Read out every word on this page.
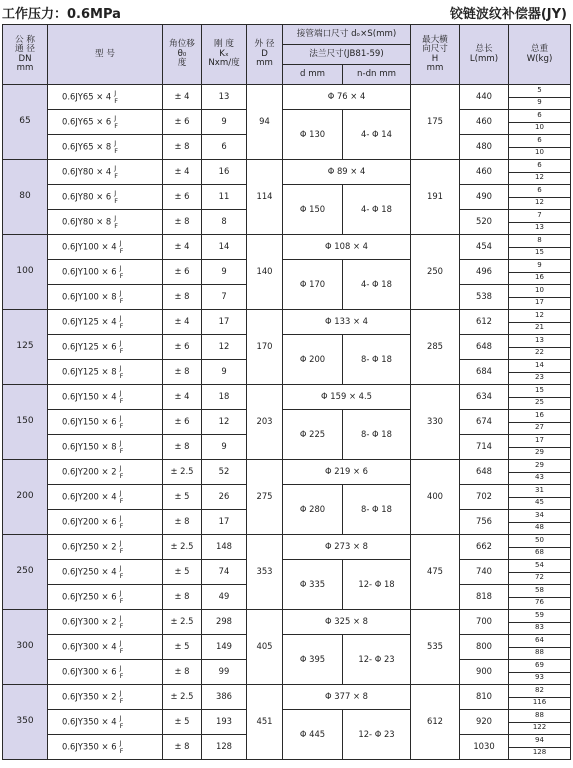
工作压力：0.6MPa	铰链波纹补偿器(JY)
公 称
通 径
DN
mm	型 号	角位移
θ₀
度	刚 度
Kₓ
Nxm/度	外 径
D
mm	接管端口尺寸 dₒ×S(mm)		最大横
向尺寸
H
mm	总长
L(mm)	总重
W(kg)
					法兰尺寸(JB81-59)				
					d mm	n-dn mm			
65	0.6JY65 × 4 J
F	± 4	13	94	Φ 76 × 4		175	440	5
9

	0.6JY65 × 6 J
F	± 6	9		Φ 130	4- Φ 14		460	6
10

	0.6JY65 × 8 J
F	± 8	6					480	6
10

80	0.6JY80 × 4 J
F	± 4	16	114	Φ 89 × 4		191	460	6
12

	0.6JY80 × 6 J
F	± 6	11		Φ 150	4- Φ 18		490	6
12

	0.6JY80 × 8 J
F	± 8	8					520	7
13

100	0.6JY100 × 4 J
F	± 4	14	140	Φ 108 × 4		250	454	8
15

	0.6JY100 × 6 J
F	± 6	9		Φ 170	4- Φ 18		496	9
16

	0.6JY100 × 8 J
F	± 8	7					538	10
17

125	0.6JY125 × 4 J
F	± 4	17	170	Φ 133 × 4		285	612	12
21

	0.6JY125 × 6 J
F	± 6	12		Φ 200	8- Φ 18		648	13
22

	0.6JY125 × 8 J
F	± 8	9					684	14
23

150	0.6JY150 × 4 J
F	± 4	18	203	Φ 159 × 4.5		330	634	15
25

	0.6JY150 × 6 J
F	± 6	12		Φ 225	8- Φ 18		674	16
27

	0.6JY150 × 8 J
F	± 8	9					714	17
29

200	0.6JY200 × 2 J
F	± 2.5	52	275	Φ 219 × 6		400	648	29
43

	0.6JY200 × 4 J
F	± 5	26		Φ 280	8- Φ 18		702	31
45

	0.6JY200 × 6 J
F	± 8	17					756	34
48

250	0.6JY250 × 2 J
F	± 2.5	148	353	Φ 273 × 8		475	662	50
68

	0.6JY250 × 4 J
F	± 5	74		Φ 335	12- Φ 18		740	54
72

	0.6JY250 × 6 J
F	± 8	49					818	58
76

300	0.6JY300 × 2 J
F	± 2.5	298	405	Φ 325 × 8		535	700	59
83

	0.6JY300 × 4 J
F	± 5	149		Φ 395	12- Φ 23		800	64
88

	0.6JY300 × 6 J
F	± 8	99					900	69
93

350	0.6JY350 × 2 J
F	± 2.5	386	451	Φ 377 × 8		612	810	82
116

	0.6JY350 × 4 J
F	± 5	193		Φ 445	12- Φ 23		920	88
122

	0.6JY350 × 6 J
F	± 8	128					1030	94
128
